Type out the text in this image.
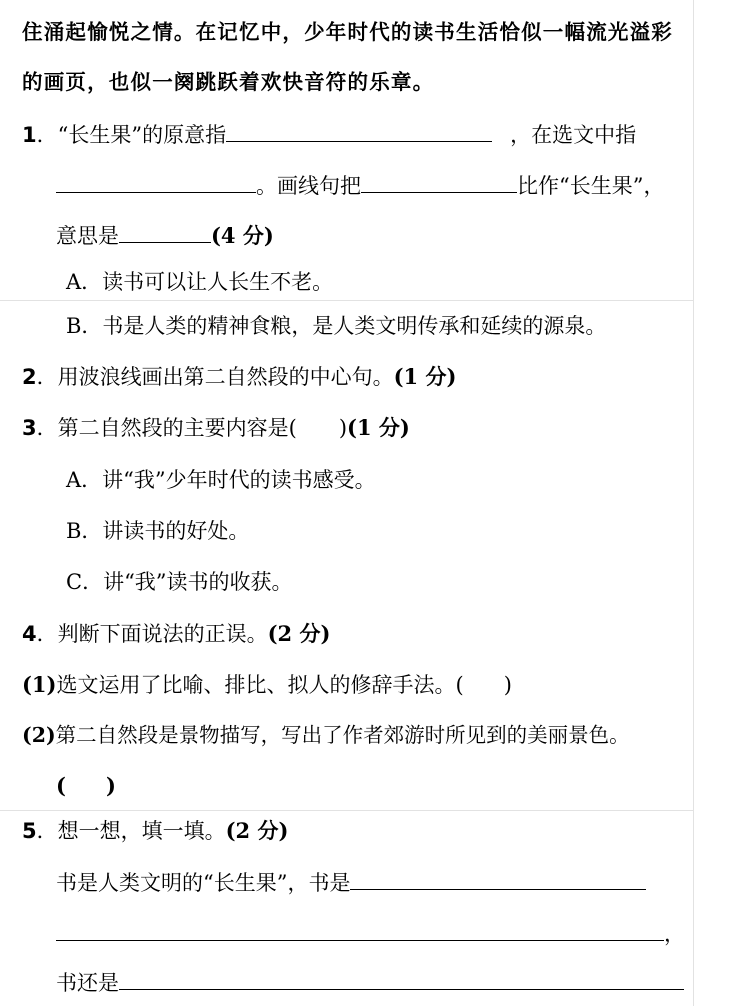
住涌起愉悦之情。在记忆中，少年时代的读书生活恰似一幅流光溢彩
的画页，也似一阕跳跃着欢快音符的乐章。
1．“长生果”的原意指	，在选文中指
。画线句把	比作“长生果”，
意思是	(4 分)
A．读书可以让人长生不老。
B．书是人类的精神食粮，是人类文明传承和延续的源泉。
2．用波浪线画出第二自然段的中心句。(1 分)
3．第二自然段的主要内容是( )(1 分)
A．讲“我”少年时代的读书感受。
B．讲读书的好处。
C．讲“我”读书的收获。
4．判断下面说法的正误。(2 分)
(1)选文运用了比喻、排比、拟人的修辞手法。( )
(2)第二自然段是景物描写，写出了作者郊游时所见到的美丽景色。
( )
5．想一想，填一填。(2 分)
书是人类文明的“长生果”，书是
，
书还是
